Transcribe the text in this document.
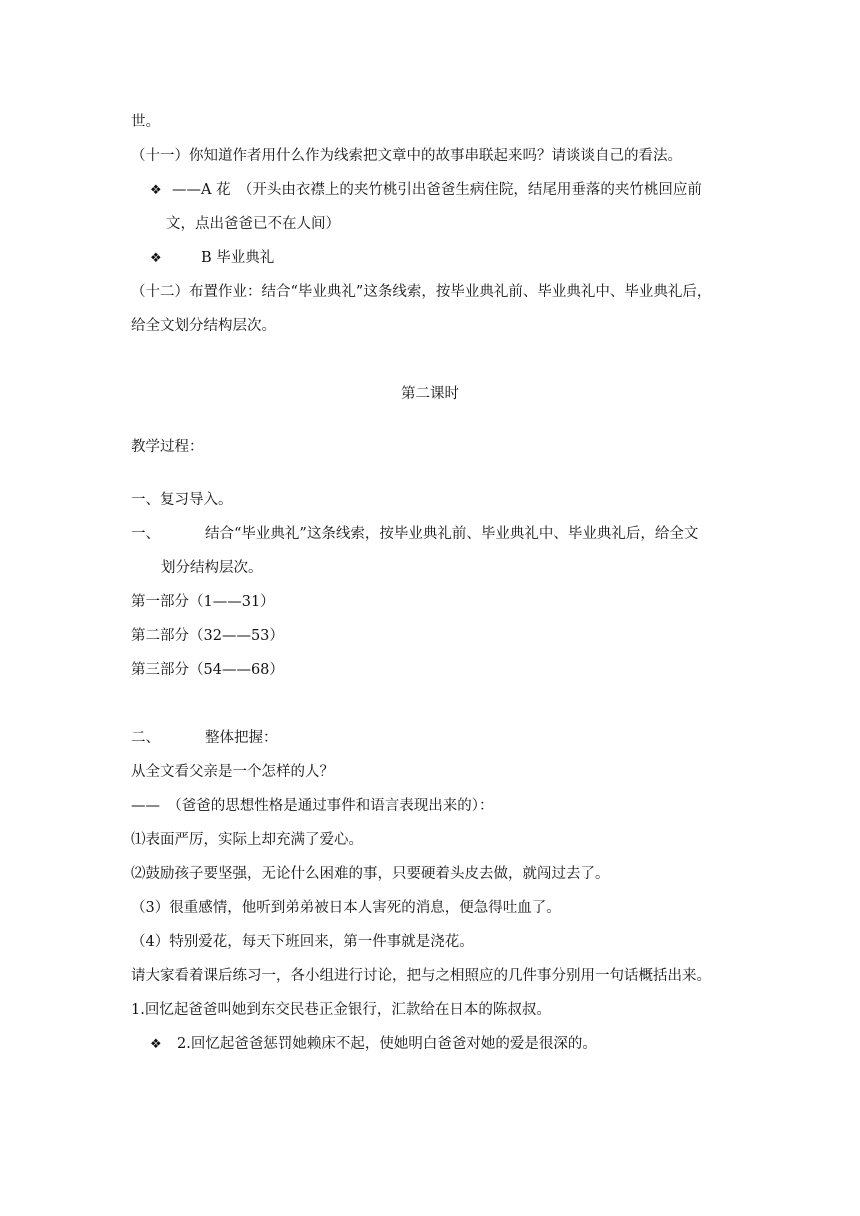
世。
（十一）你知道作者用什么作为线索把文章中的故事串联起来吗？请谈谈自己的看法。
❖ ——A 花　（开头由衣襟上的夹竹桃引出爸爸生病住院，结尾用垂落的夹竹桃回应前
文，点出爸爸已不在人间）
❖	B 毕业典礼
（十二）布置作业：结合“毕业典礼”这条线索，按毕业典礼前、毕业典礼中、毕业典礼后，
给全文划分结构层次。
第二课时
教学过程：
一、复习导入。
一、	结合“毕业典礼”这条线索，按毕业典礼前、毕业典礼中、毕业典礼后，给全文
划分结构层次。
第一部分（1——31）
第二部分（32——53）
第三部分（54——68）
二、	整体把握：
从全文看父亲是一个怎样的人？
——　（爸爸的思想性格是通过事件和语言表现出来的）：
⑴表面严厉，实际上却充满了爱心。
⑵鼓励孩子要坚强，无论什么困难的事，只要硬着头皮去做，就闯过去了。
（3）很重感情，他听到弟弟被日本人害死的消息，便急得吐血了。
（4）特别爱花，每天下班回来，第一件事就是浇花。
请大家看着课后练习一，各小组进行讨论，把与之相照应的几件事分别用一句话概括出来。
1.回忆起爸爸叫她到东交民巷正金银行，汇款给在日本的陈叔叔。
❖ 2.回忆起爸爸惩罚她赖床不起，使她明白爸爸对她的爱是很深的。
